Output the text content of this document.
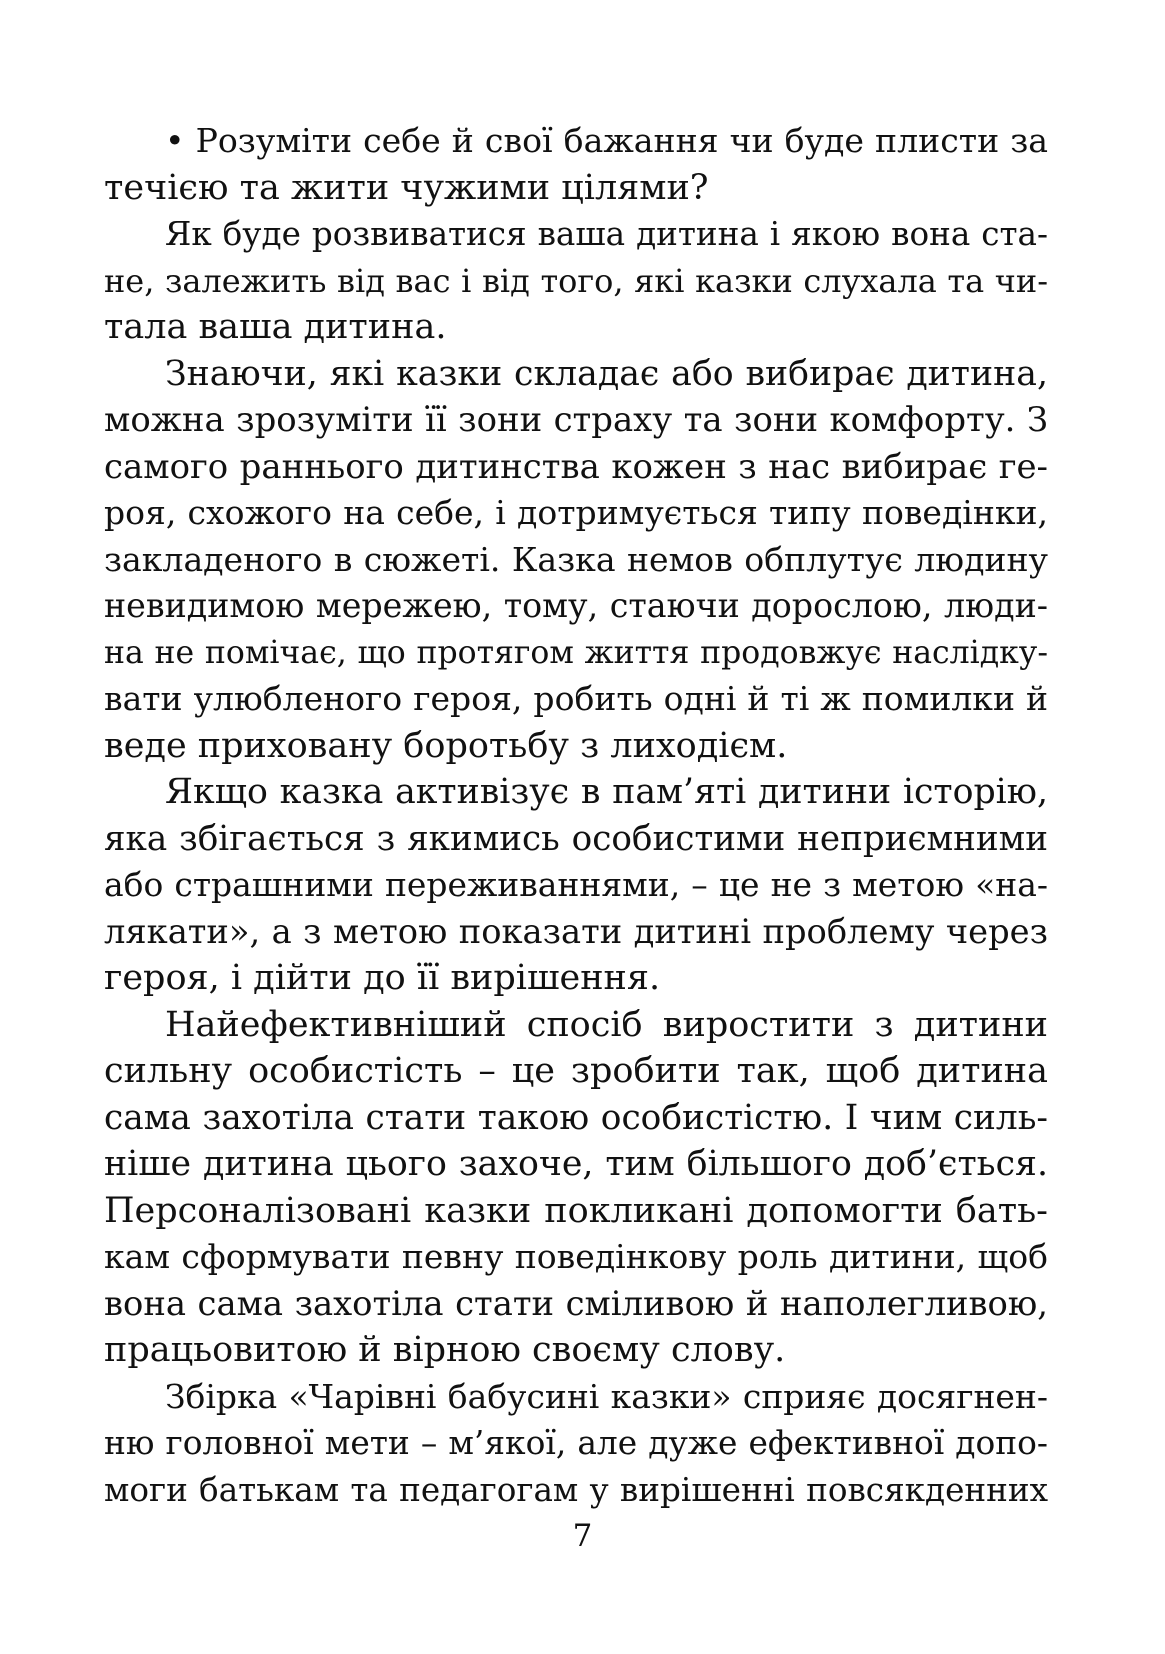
• Розуміти себе й свої бажання чи буде плисти за
течією та жити чужими цілями?
Як буде розвиватися ваша дитина і якою вона ста-
не, залежить від вас і від того, які казки слухала та чи-
тала ваша дитина.
Знаючи, які казки складає або вибирає дитина,
можна зрозуміти її зони страху та зони комфорту. З
самого раннього дитинства кожен з нас вибирає ге-
роя, схожого на себе, і дотримується типу поведінки,
закладеного в сюжеті. Казка немов обплутує людину
невидимою мережею, тому, стаючи дорослою, люди-
на не помічає, що протягом життя продовжує наслідку-
вати улюбленого героя, робить одні й ті ж помилки й
веде приховану боротьбу з лиходієм.
Якщо казка активізує в пам’яті дитини історію,
яка збігається з якимись особистими неприємними
або страшними переживаннями, – це не з метою «на-
лякати», а з метою показати дитині проблему через
героя, і дійти до її вирішення.
Найефективніший спосіб виростити з дитини
сильну особистість – це зробити так, щоб дитина
сама захотіла стати такою особистістю. І чим силь-
ніше дитина цього захоче, тим більшого доб’ється.
Персоналізовані казки покликані допомогти бать-
кам сформувати певну поведінкову роль дитини, щоб
вона сама захотіла стати сміливою й наполегливою,
працьовитою й вірною своєму слову.
Збірка «Чарівні бабусині казки» сприяє досягнен-
ню головної мети – м’якої, але дуже ефективної допо-
моги батькам та педагогам у вирішенні повсякденних
7
